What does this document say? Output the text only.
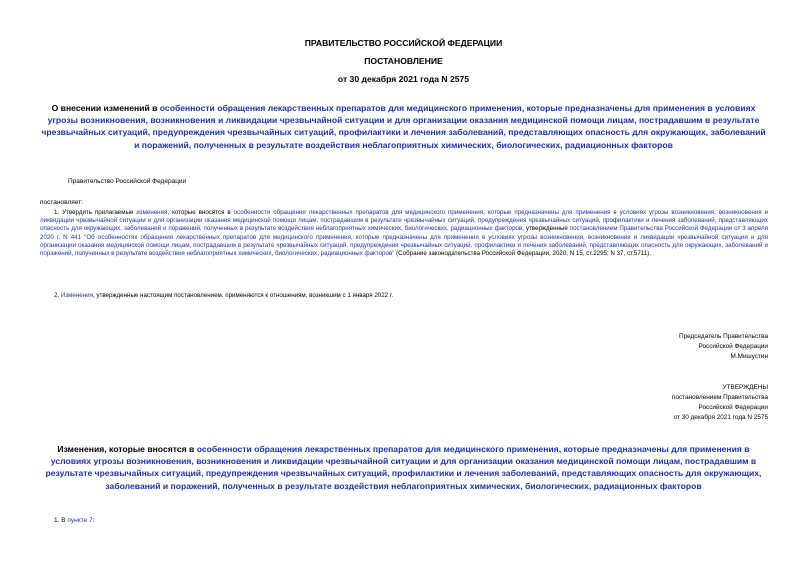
ПРАВИТЕЛЬСТВО РОССИЙСКОЙ ФЕДЕРАЦИИ
ПОСТАНОВЛЕНИЕ
от 30 декабря 2021 года N 2575
О внесении изменений в особенности обращения лекарственных препаратов для медицинского применения, которые предназначены для применения в условиях угрозы возникновения, возникновения и ликвидации чрезвычайной ситуации и для организации оказания медицинской помощи лицам, пострадавшим в результате чрезвычайных ситуаций, предупреждения чрезвычайных ситуаций, профилактики и лечения заболеваний, представляющих опасность для окружающих, заболеваний и поражений, полученных в результате воздействия неблагоприятных химических, биологических, радиационных факторов
Правительство Российской Федерации
постановляет:
1. Утвердить прилагаемые изменения, которые вносятся в особенности обращения лекарственных препаратов для медицинского применения, которые предназначены для применения в условиях угрозы возникновения, возникновения и ликвидации чрезвычайной ситуации и для организации оказания медицинской помощи лицам, пострадавшим в результате чрезвычайных ситуаций, предупреждения чрезвычайных ситуаций, профилактики и лечения заболеваний, представляющих опасность для окружающих, заболеваний и поражений, полученных в результате воздействия неблагоприятных химических, биологических, радиационных факторов, утвержденные постановлением Правительства Российской Федерации от 3 апреля 2020 г. N 441 "Об особенностях обращения лекарственных препаратов для медицинского применения, которые предназначены для применения в условиях угрозы возникновения, возникновения и ликвидации чрезвычайной ситуации и для организации оказания медицинской помощи лицам, пострадавшим в результате чрезвычайных ситуаций, предупреждения чрезвычайных ситуаций, профилактики и лечения заболеваний, представляющих опасность для окружающих, заболеваний и поражений, полученных в результате воздействия неблагоприятных химических, биологических, радиационных факторов" (Собрание законодательства Российской Федерации, 2020, N 15, ст.2295; N 37, ст.5711).
2. Изменения, утвержденные настоящим постановлением, применяются к отношениям, возникшим с 1 января 2022 г.
Председатель Правительства
Российской Федерации
М.Мишустин
УТВЕРЖДЕНЫ
постановлением Правительства
Российской Федерации
от 30 декабря 2021 года N 2575
Изменения, которые вносятся в особенности обращения лекарственных препаратов для медицинского применения, которые предназначены для применения в условиях угрозы возникновения, возникновения и ликвидации чрезвычайной ситуации и для организации оказания медицинской помощи лицам, пострадавшим в результате чрезвычайных ситуаций, предупреждения чрезвычайных ситуаций, профилактики и лечения заболеваний, представляющих опасность для окружающих, заболеваний и поражений, полученных в результате воздействия неблагоприятных химических, биологических, радиационных факторов
1. В пункте 7:
